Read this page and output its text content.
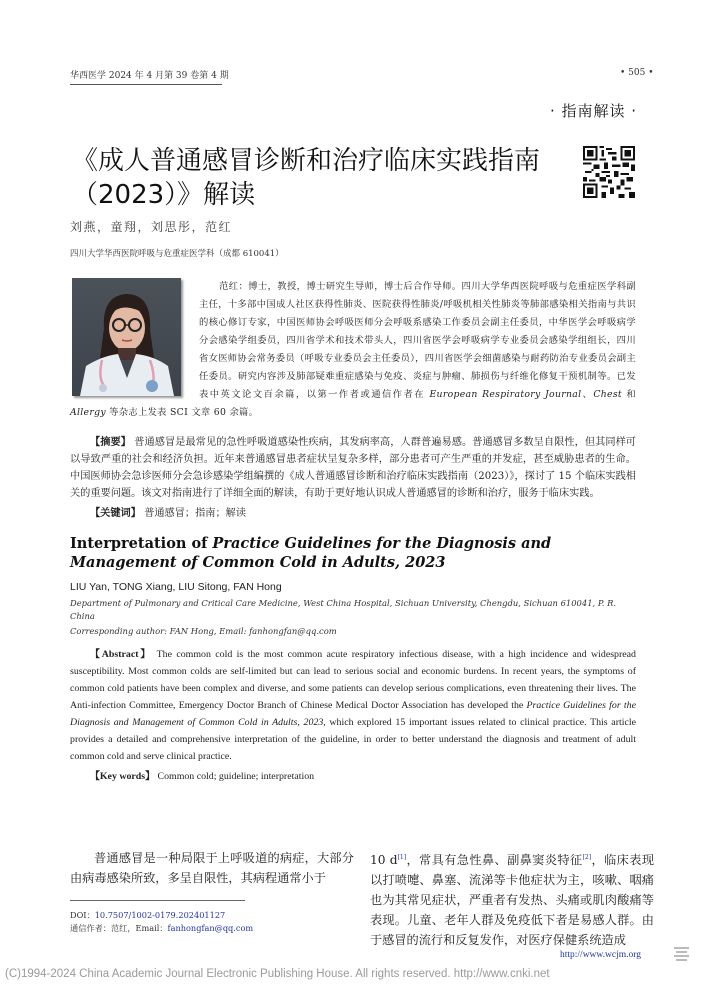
华西医学 2024 年 4 月第 39 卷第 4 期	• 505 •
· 指南解读 ·
《成人普通感冒诊断和治疗临床实践指南
（2023）》解读
刘燕，童翔，刘思彤，范红
四川大学华西医院呼吸与危重症医学科（成都 610041）
范红：博士，教授，博士研究生导师，博士后合作导师。四川大学华西医院呼吸与危重症医学科副主任，十多部中国成人社区获得性肺炎、医院获得性肺炎/呼吸机相关性肺炎等肺部感染相关指南与共识的核心修订专家，中国医师协会呼吸医师分会呼吸系感染工作委员会副主任委员，中华医学会呼吸病学分会感染学组委员，四川省学术和技术带头人，四川省医学会呼吸病学专业委员会感染学组组长，四川省女医师协会常务委员（呼吸专业委员会主任委员），四川省医学会细菌感染与耐药防治专业委员会副主任委员。研究内容涉及肺部疑难重症感染与免疫、炎症与肿瘤、肺损伤与纤维化修复干预机制等。已发表中英文论文百余篇，以第一作者或通信作者在 European Respiratory Journal、Chest 和 Allergy 等杂志上发表 SCI 文章 60 余篇。
【摘要】 普通感冒是最常见的急性呼吸道感染性疾病，其发病率高，人群普遍易感。普通感冒多数呈自限性，但其同样可以导致严重的社会和经济负担。近年来普通感冒患者症状呈复杂多样，部分患者可产生严重的并发症，甚至威胁患者的生命。中国医师协会急诊医师分会急诊感染学组编撰的《成人普通感冒诊断和治疗临床实践指南（2023）》，探讨了 15 个临床实践相关的重要问题。该文对指南进行了详细全面的解读，有助于更好地认识成人普通感冒的诊断和治疗，服务于临床实践。
【关键词】 普通感冒；指南；解读
Interpretation of Practice Guidelines for the Diagnosis and Management of Common Cold in Adults, 2023
LIU Yan, TONG Xiang, LIU Sitong, FAN Hong
Department of Pulmonary and Critical Care Medicine, West China Hospital, Sichuan University, Chengdu, Sichuan 610041, P. R. China
Corresponding author: FAN Hong, Email: fanhongfan@qq.com
【Abstract】 The common cold is the most common acute respiratory infectious disease, with a high incidence and widespread susceptibility. Most common colds are self-limited but can lead to serious social and economic burdens. In recent years, the symptoms of common cold patients have been complex and diverse, and some patients can develop serious complications, even threatening their lives. The Anti-infection Committee, Emergency Doctor Branch of Chinese Medical Doctor Association has developed the Practice Guidelines for the Diagnosis and Management of Common Cold in Adults, 2023, which explored 15 important issues related to clinical practice. This article provides a detailed and comprehensive interpretation of the guideline, in order to better understand the diagnosis and treatment of adult common cold and serve clinical practice.
【Key words】 Common cold; guideline; interpretation
普通感冒是一种局限于上呼吸道的病症，大部分由病毒感染所致，多呈自限性，其病程通常小于
10 d[1]，常具有急性鼻、副鼻窦炎特征[2]，临床表现以打喷嚏、鼻塞、流涕等卡他症状为主，咳嗽、咽痛也为其常见症状，严重者有发热、头痛或肌肉酸痛等表现。儿童、老年人群及免疫低下者是易感人群。由于感冒的流行和反复发作，对医疗保健系统造成
DOI：10.7507/1002-0179.202401127
通信作者：范红，Email：fanhongfan@qq.com
http://www.wcjm.org
(C)1994-2024 China Academic Journal Electronic Publishing House. All rights reserved. http://www.cnki.net
